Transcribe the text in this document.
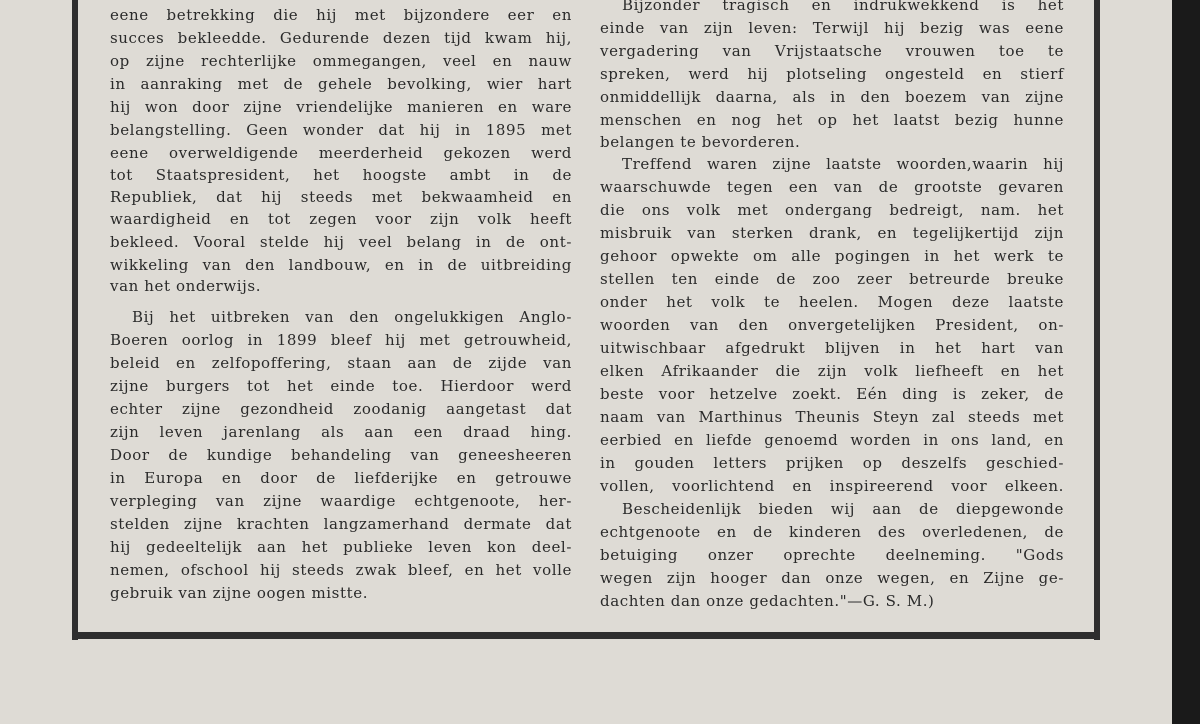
eene betrekking die hij met bijzondere eer en
succes bekleedde. Gedurende dezen tijd kwam hij,
op zijne rechterlijke ommegangen, veel en nauw
in aanraking met de gehele bevolking, wier hart
hij won door zijne vriendelijke manieren en ware
belangstelling. Geen wonder dat hij in 1895 met
eene overweldigende meerderheid gekozen werd
tot Staatspresident, het hoogste ambt in de
Republiek, dat hij steeds met bekwaamheid en
waardigheid en tot zegen voor zijn volk heeft
bekleed. Vooral stelde hij veel belang in de ont-
wikkeling van den landbouw, en in de uitbreiding
van het onderwijs.
Bij het uitbreken van den ongelukkigen Anglo-
Boeren oorlog in 1899 bleef hij met getrouwheid,
beleid en zelfopoffering, staan aan de zijde van
zijne burgers tot het einde toe. Hierdoor werd
echter zijne gezondheid zoodanig aangetast dat
zijn leven jarenlang als aan een draad hing.
Door de kundige behandeling van geneesheeren
in Europa en door de liefderijke en getrouwe
verpleging van zijne waardige echtgenoote, her-
stelden zijne krachten langzamerhand dermate dat
hij gedeeltelijk aan het publieke leven kon deel-
nemen, ofschool hij steeds zwak bleef, en het volle
gebruik van zijne oogen mistte.
Bijzonder tragisch en indrukwekkend is het
einde van zijn leven: Terwijl hij bezig was eene
vergadering van Vrijstaatsche vrouwen toe te
spreken, werd hij plotseling ongesteld en stierf
onmiddellijk daarna, als in den boezem van zijne
menschen en nog het op het laatst bezig hunne
belangen te bevorderen.
Treffend waren zijne laatste woorden,waarin hij
waarschuwde tegen een van de grootste gevaren
die ons volk met ondergang bedreigt, nam. het
misbruik van sterken drank, en tegelijkertijd zijn
gehoor opwekte om alle pogingen in het werk te
stellen ten einde de zoo zeer betreurde breuke
onder het volk te heelen. Mogen deze laatste
woorden van den onvergetelijken President, on-
uitwischbaar afgedrukt blijven in het hart van
elken Afrikaander die zijn volk liefheeft en het
beste voor hetzelve zoekt. Eén ding is zeker, de
naam van Marthinus Theunis Steyn zal steeds met
eerbied en liefde genoemd worden in ons land, en
in gouden letters prijken op deszelfs geschied-
vollen, voorlichtend en inspireerend voor elkeen.
Bescheidenlijk bieden wij aan de diepgewonde
echtgenoote en de kinderen des overledenen, de
betuiging onzer oprechte deelneming. "Gods
wegen zijn hooger dan onze wegen, en Zijne ge-
dachten dan onze gedachten."—G. S. M.)
